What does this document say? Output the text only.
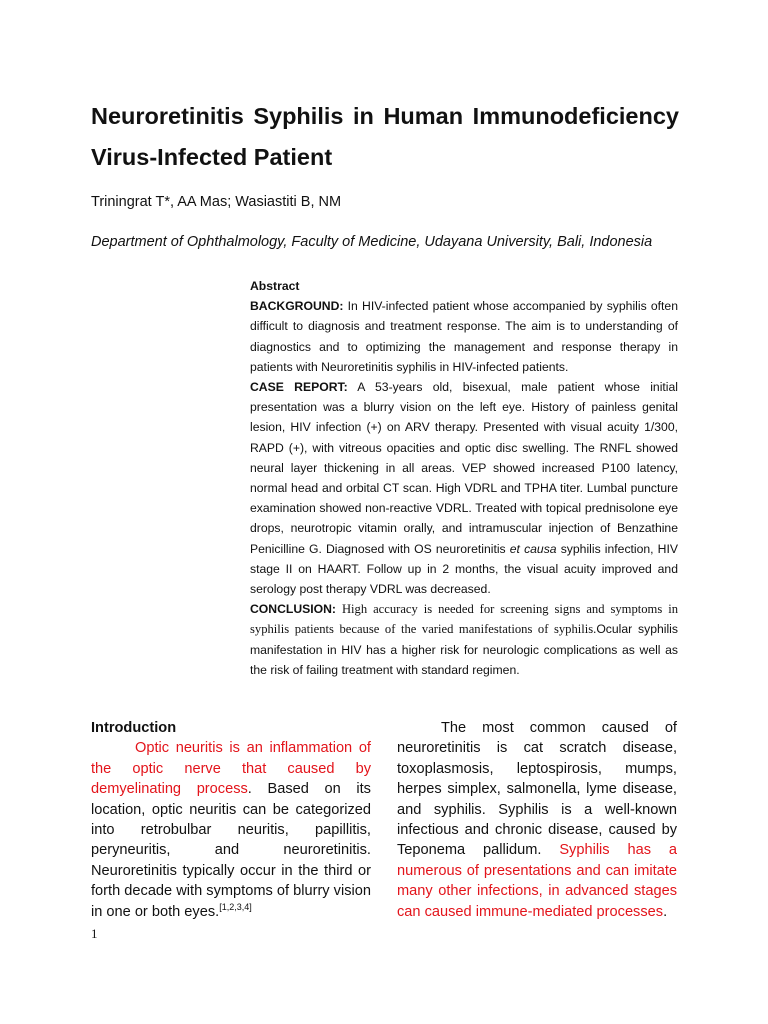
Neuroretinitis Syphilis in Human Immunodeficiency Virus-Infected Patient

Triningrat T*, AA Mas; Wasiastiti B, NM

Department of Ophthalmology, Faculty of Medicine, Udayana University, Bali, Indonesia

Abstract

BACKGROUND: In HIV-infected patient whose accompanied by syphilis often difficult to diagnosis and treatment response. The aim is to understanding of diagnostics and to optimizing the management and response therapy in patients with Neuroretinitis syphilis in HIV-infected patients.

CASE REPORT: A 53-years old, bisexual, male patient whose initial presentation was a blurry vision on the left eye. History of painless genital lesion, HIV infection (+) on ARV therapy. Presented with visual acuity 1/300, RAPD (+), with vitreous opacities and optic disc swelling. The RNFL showed neural layer thickening in all areas. VEP showed increased P100 latency, normal head and orbital CT scan. High VDRL and TPHA titer. Lumbal puncture examination showed non-reactive VDRL. Treated with topical prednisolone eye drops, neurotropic vitamin orally, and intramuscular injection of Benzathine Penicilline G. Diagnosed with OS neuroretinitis et causa syphilis infection, HIV stage II on HAART. Follow up in 2 months, the visual acuity improved and serology post therapy VDRL was decreased.

CONCLUSION: High accuracy is needed for screening signs and symptoms in syphilis patients because of the varied manifestations of syphilis.Ocular syphilis manifestation in HIV has a higher risk for neurologic complications as well as the risk of failing treatment with standard regimen.

Introduction

Optic neuritis is an inflammation of the optic nerve that caused by demyelinating process. Based on its location, optic neuritis can be categorized into retrobulbar neuritis, papillitis, peryneuritis, and neuroretinitis. Neuroretinitis typically occur in the third or forth decade with symptoms of blurry vision in one or both eyes.[1,2,3,4]

The most common caused of neuroretinitis is cat scratch disease, toxoplasmosis, leptospirosis, mumps, herpes simplex, salmonella, lyme disease, and syphilis. Syphilis is a well-known infectious and chronic disease, caused by Teponema pallidum. Syphilis has a numerous of presentations and can imitate many other infections, in advanced stages can caused immune-mediated processes.

1
